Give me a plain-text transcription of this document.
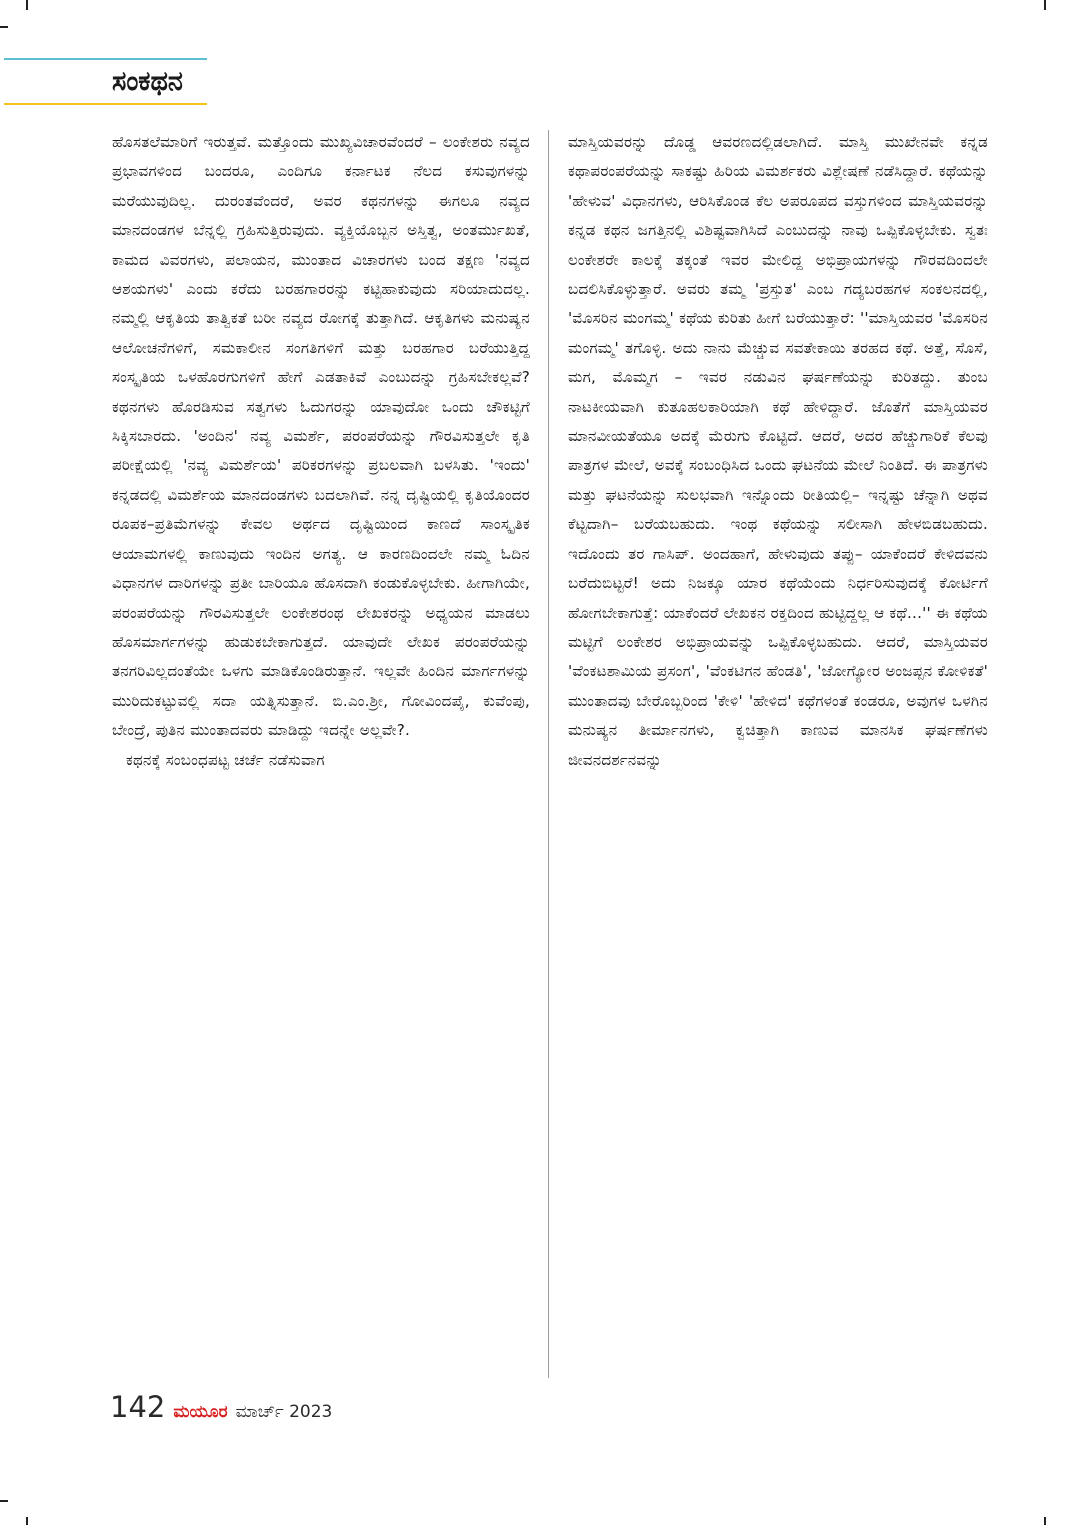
ಸಂಕಥನ

ಹೊಸತಲೆಮಾರಿಗೆ ಇರುತ್ತವೆ. ಮತ್ತೊಂದು ಮುಖ್ಯವಿಚಾರವೆಂದರೆ – ಲಂಕೇಶರು ನವ್ಯದ ಪ್ರಭಾವಗಳಿಂದ ಬಂದರೂ, ಎಂದಿಗೂ ಕರ್ನಾಟಕ ನೆಲದ ಕಸುವುಗಳನ್ನು ಮರೆಯುವುದಿಲ್ಲ. ದುರಂತವೆಂದರೆ, ಅವರ ಕಥನಗಳನ್ನು ಈಗಲೂ ನವ್ಯದ ಮಾನದಂಡಗಳ ಬೆನ್ನಲ್ಲಿ ಗ್ರಹಿಸುತ್ತಿರುವುದು. ವ್ಯಕ್ತಿಯೊಬ್ಬನ ಅಸ್ತಿತ್ವ, ಅಂತರ್ಮುಖತೆ, ಕಾಮದ ವಿವರಗಳು, ಪಲಾಯನ, ಮುಂತಾದ ವಿಚಾರಗಳು ಬಂದ ತಕ್ಷಣ 'ನವ್ಯದ ಆಶಯಗಳು' ಎಂದು ಕರೆದು ಬರಹಗಾರರನ್ನು ಕಟ್ಟಿಹಾಕುವುದು ಸರಿಯಾದುದಲ್ಲ. ನಮ್ಮಲ್ಲಿ ಆಕೃತಿಯ ತಾತ್ವಿಕತೆ ಬರೀ ನವ್ಯದ ರೋಗಕ್ಕೆ ತುತ್ತಾಗಿದೆ. ಆಕೃತಿಗಳು ಮನುಷ್ಯನ ಆಲೋಚನೆಗಳಿಗೆ, ಸಮಕಾಲೀನ ಸಂಗತಿಗಳಿಗೆ ಮತ್ತು ಬರಹಗಾರ ಬರೆಯುತ್ತಿದ್ದ ಸಂಸ್ಕೃತಿಯ ಒಳಹೊರಗುಗಳಿಗೆ ಹೇಗೆ ಎಡತಾಕಿವೆ ಎಂಬುದನ್ನು ಗ್ರಹಿಸಬೇಕಲ್ಲವೆ? ಕಥನಗಳು ಹೊರಡಿಸುವ ಸತ್ವಗಳು ಓದುಗರನ್ನು ಯಾವುದೋ ಒಂದು ಚೌಕಟ್ಟಿಗೆ ಸಿಕ್ಕಿಸಬಾರದು. 'ಅಂದಿನ' ನವ್ಯ ವಿಮರ್ಶೆ, ಪರಂಪರೆಯನ್ನು ಗೌರವಿಸುತ್ತಲೇ ಕೃತಿ ಪರೀಕ್ಷೆಯಲ್ಲಿ 'ನವ್ಯ ವಿಮರ್ಶೆಯ' ಪರಿಕರಗಳನ್ನು ಪ್ರಬಲವಾಗಿ ಬಳಸಿತು. 'ಇಂದು' ಕನ್ನಡದಲ್ಲಿ ವಿಮರ್ಶೆಯ ಮಾನದಂಡಗಳು ಬದಲಾಗಿವೆ. ನನ್ನ ದೃಷ್ಟಿಯಲ್ಲಿ ಕೃತಿಯೊಂದರ ರೂಪಕ–ಪ್ರತಿಮೆಗಳನ್ನು ಕೇವಲ ಅರ್ಥದ ದೃಷ್ಟಿಯಿಂದ ಕಾಣದೆ ಸಾಂಸ್ಕೃತಿಕ ಆಯಾಮಗಳಲ್ಲಿ ಕಾಣುವುದು ಇಂದಿನ ಅಗತ್ಯ. ಆ ಕಾರಣದಿಂದಲೇ ನಮ್ಮ ಓದಿನ ವಿಧಾನಗಳ ದಾರಿಗಳನ್ನು ಪ್ರತೀ ಬಾರಿಯೂ ಹೊಸದಾಗಿ ಕಂಡುಕೊಳ್ಳಬೇಕು. ಹೀಗಾಗಿಯೇ, ಪರಂಪರೆಯನ್ನು ಗೌರವಿಸುತ್ತಲೇ ಲಂಕೇಶರಂಥ ಲೇಖಕರನ್ನು ಅಧ್ಯಯನ ಮಾಡಲು ಹೊಸಮಾರ್ಗಗಳನ್ನು ಹುಡುಕಬೇಕಾಗುತ್ತದೆ. ಯಾವುದೇ ಲೇಖಕ ಪರಂಪರೆಯನ್ನು ತನಗರಿವಿಲ್ಲದಂತೆಯೇ ಒಳಗು ಮಾಡಿಕೊಂಡಿರುತ್ತಾನೆ. ಇಲ್ಲವೇ ಹಿಂದಿನ ಮಾರ್ಗಗಳನ್ನು ಮುರಿದುಕಟ್ಟುವಲ್ಲಿ ಸದಾ ಯತ್ನಿಸುತ್ತಾನೆ. ಬಿ.ಎಂ.ಶ್ರೀ, ಗೋವಿಂದಪೈ, ಕುವೆಂಪು, ಬೇಂದ್ರೆ, ಪುತಿನ ಮುಂತಾದವರು ಮಾಡಿದ್ದು ಇದನ್ನೇ ಅಲ್ಲವೇ?.

ಕಥನಕ್ಕೆ ಸಂಬಂಧಪಟ್ಟ ಚರ್ಚೆ ನಡೆಸುವಾಗ

ಮಾಸ್ತಿಯವರನ್ನು ದೊಡ್ಡ ಆವರಣದಲ್ಲಿಡಲಾಗಿದೆ. ಮಾಸ್ತಿ ಮುಖೇನವೇ ಕನ್ನಡ ಕಥಾಪರಂಪರೆಯನ್ನು ಸಾಕಷ್ಟು ಹಿರಿಯ ವಿಮರ್ಶಕರು ವಿಶ್ಲೇಷಣೆ ನಡೆಸಿದ್ದಾರೆ. ಕಥೆಯನ್ನು 'ಹೇಳುವ' ವಿಧಾನಗಳು, ಆರಿಸಿಕೊಂಡ ಕೆಲ ಅಪರೂಪದ ವಸ್ತುಗಳಿಂದ ಮಾಸ್ತಿಯವರನ್ನು ಕನ್ನಡ ಕಥನ ಜಗತ್ತಿನಲ್ಲಿ ವಿಶಿಷ್ಟವಾಗಿಸಿದೆ ಎಂಬುದನ್ನು ನಾವು ಒಪ್ಪಿಕೊಳ್ಳಬೇಕು. ಸ್ವತಃ ಲಂಕೇಶರೇ ಕಾಲಕ್ಕೆ ತಕ್ಕಂತೆ ಇವರ ಮೇಲಿದ್ದ ಅಭಿಪ್ರಾಯಗಳನ್ನು ಗೌರವದಿಂದಲೇ ಬದಲಿಸಿಕೊಳ್ಳುತ್ತಾರೆ. ಅವರು ತಮ್ಮ 'ಪ್ರಸ್ತುತ' ಎಂಬ ಗದ್ಯಬರಹಗಳ ಸಂಕಲನದಲ್ಲಿ, 'ಮೊಸರಿನ ಮಂಗಮ್ಮ' ಕಥೆಯ ಕುರಿತು ಹೀಗೆ ಬರೆಯುತ್ತಾರೆ: ''ಮಾಸ್ತಿಯವರ 'ಮೊಸರಿನ ಮಂಗಮ್ಮ' ತಗೊಳ್ಳಿ. ಅದು ನಾನು ಮೆಚ್ಚುವ ಸವತೇಕಾಯಿ ತರಹದ ಕಥೆ. ಅತ್ತೆ, ಸೊಸೆ, ಮಗ, ಮೊಮ್ಮಗ – ಇವರ ನಡುವಿನ ಘರ್ಷಣೆಯನ್ನು ಕುರಿತದ್ದು. ತುಂಬ ನಾಟಕೀಯವಾಗಿ ಕುತೂಹಲಕಾರಿಯಾಗಿ ಕಥೆ ಹೇಳಿದ್ದಾರೆ. ಜೊತೆಗೆ ಮಾಸ್ತಿಯವರ ಮಾನವೀಯತೆಯೂ ಅದಕ್ಕೆ ಮೆರುಗು ಕೊಟ್ಟಿದೆ. ಆದರೆ, ಅದರ ಹೆಚ್ಚುಗಾರಿಕೆ ಕೆಲವು ಪಾತ್ರಗಳ ಮೇಲೆ, ಅವಕ್ಕೆ ಸಂಬಂಧಿಸಿದ ಒಂದು ಘಟನೆಯ ಮೇಲೆ ನಿಂತಿದೆ. ಈ ಪಾತ್ರಗಳು ಮತ್ತು ಘಟನೆಯನ್ನು ಸುಲಭವಾಗಿ ಇನ್ನೊಂದು ರೀತಿಯಲ್ಲಿ– ಇನ್ನಷ್ಟು ಚೆನ್ನಾಗಿ ಅಥವ ಕೆಟ್ಟದಾಗಿ– ಬರೆಯಬಹುದು. ಇಂಥ ಕಥೆಯನ್ನು ಸಲೀಸಾಗಿ ಹೇಳಬಿಡಬಹುದು. ಇದೊಂದು ತರ ಗಾಸಿಪ್. ಅಂದಹಾಗೆ, ಹೇಳುವುದು ತಪ್ಪು– ಯಾಕೆಂದರೆ ಕೇಳಿದವನು ಬರೆದುಬಿಟ್ಟರೆ! ಅದು ನಿಜಕ್ಕೂ ಯಾರ ಕಥೆಯೆಂದು ನಿರ್ಧರಿಸುವುದಕ್ಕೆ ಕೋರ್ಟಿಗೆ ಹೋಗಬೇಕಾಗುತ್ತೆ: ಯಾಕೆಂದರೆ ಲೇಖಕನ ರಕ್ತದಿಂದ ಹುಟ್ಟಿದ್ದಲ್ಲ ಆ ಕಥೆ...'' ಈ ಕಥೆಯ ಮಟ್ಟಿಗೆ ಲಂಕೇಶರ ಅಭಿಪ್ರಾಯವನ್ನು ಒಪ್ಪಿಕೊಳ್ಳಬಹುದು. ಆದರೆ, ಮಾಸ್ತಿಯವರ 'ವೆಂಕಟಶಾಮಿಯ ಪ್ರಸಂಗ', 'ವೆಂಕಟಿಗನ ಹೆಂಡತಿ', 'ಜೋಗ್ಯೋರ ಅಂಜಪ್ಪನ ಕೋಳಿಕತೆ' ಮುಂತಾದವು ಬೇರೊಬ್ಬರಿಂದ 'ಕೇಳಿ' 'ಹೇಳಿದ' ಕಥೆಗಳಂತೆ ಕಂಡರೂ, ಅವುಗಳ ಒಳಗಿನ ಮನುಷ್ಯನ ತೀರ್ಮಾನಗಳು, ಕ್ವಚಿತ್ತಾಗಿ ಕಾಣುವ ಮಾನಸಿಕ ಘರ್ಷಣೆಗಳು ಜೀವನದರ್ಶನವನ್ನು

142 ಮಯೂರ ಮಾರ್ಚ್ 2023
